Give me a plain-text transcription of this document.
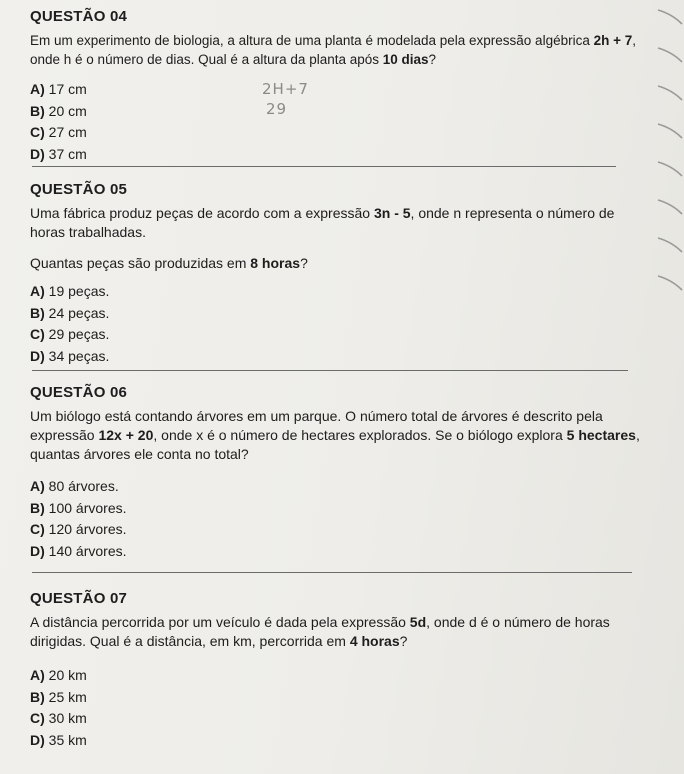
QUESTÃO 04

Em um experimento de biologia, a altura de uma planta é modelada pela expressão algébrica 2h + 7, onde h é o número de dias. Qual é a altura da planta após 10 dias?

A) 17 cm
B) 20 cm
C) 27 cm
D) 37 cm
2H+7
29
QUESTÃO 05

Uma fábrica produz peças de acordo com a expressão 3n - 5, onde n representa o número de horas trabalhadas.

Quantas peças são produzidas em 8 horas?

A) 19 peças.
B) 24 peças.
C) 29 peças.
D) 34 peças.
QUESTÃO 06

Um biólogo está contando árvores em um parque. O número total de árvores é descrito pela expressão 12x + 20, onde x é o número de hectares explorados. Se o biólogo explora 5 hectares, quantas árvores ele conta no total?

A) 80 árvores.
B) 100 árvores.
C) 120 árvores.
D) 140 árvores.
QUESTÃO 07

A distância percorrida por um veículo é dada pela expressão 5d, onde d é o número de horas dirigidas. Qual é a distância, em km, percorrida em 4 horas?

A) 20 km
B) 25 km
C) 30 km
D) 35 km
